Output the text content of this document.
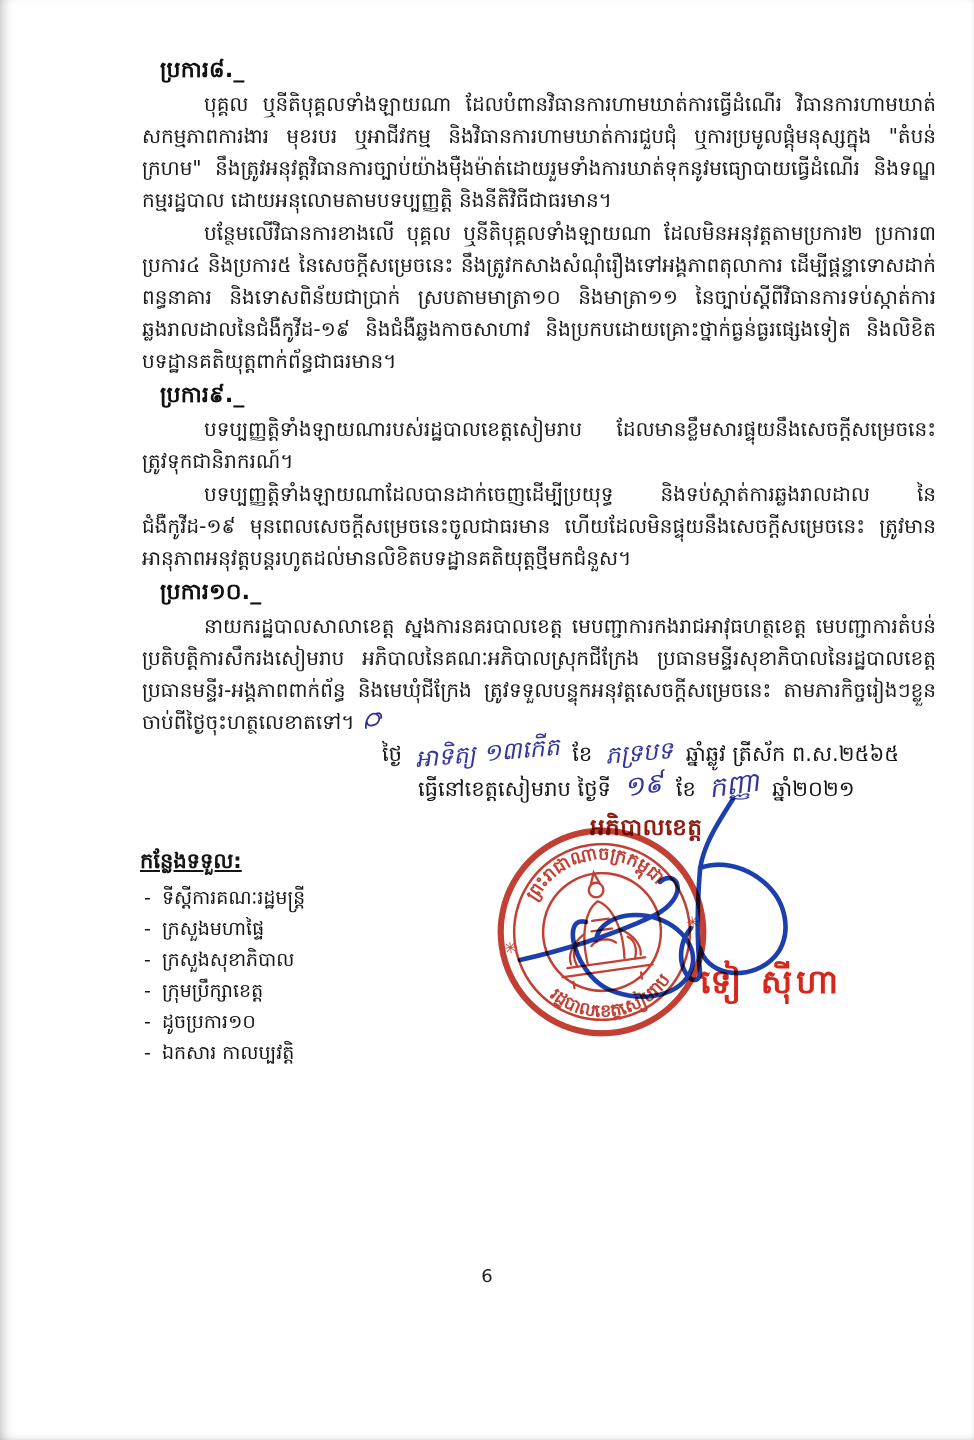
ប្រការ៨._

បុគ្គល ឬនីតិបុគ្គលទាំងឡាយណា ដែលបំពានវិធានការហាមឃាត់ការធ្វើដំណើរ វិធានការហាមឃាត់សកម្មភាពការងារ មុខរបរ ឬអាជីវកម្ម និងវិធានការហាមឃាត់ការជួបជុំ ឬការប្រមូលផ្តុំមនុស្សក្នុង "តំបន់ក្រហម" នឹងត្រូវអនុវត្តវិធានការច្បាប់យ៉ាងម៉ឺងម៉ាត់ដោយរួមទាំងការឃាត់ទុកនូវមធ្យោបាយធ្វើដំណើរ និងទណ្ឌកម្មរដ្ឋបាល ដោយអនុលោមតាមបទប្បញ្ញត្តិ និងនីតិវិធីជាធរមាន។

បន្ថែមលើវិធានការខាងលើ បុគ្គល ឬនីតិបុគ្គលទាំងឡាយណា ដែលមិនអនុវត្តតាមប្រការ២ ប្រការ៣ ប្រការ៤ និងប្រការ៥ នៃសេចក្តីសម្រេចនេះ នឹងត្រូវកសាងសំណុំរឿងទៅអង្គភាពតុលាការ ដើម្បីផ្តន្ទាទោសដាក់ពន្ធនាគារ និងទោសពិន័យជាប្រាក់ ស្របតាមមាត្រា១០ និងមាត្រា១១ នៃច្បាប់ស្តីពីវិធានការទប់ស្កាត់ការឆ្លងរាលដាលនៃជំងឺកូវីដ-១៩ និងជំងឺឆ្លងកាចសាហាវ និងប្រកបដោយគ្រោះថ្នាក់ធ្ងន់ធ្ងរផ្សេងទៀត និងលិខិតបទដ្ឋានគតិយុត្តពាក់ព័ន្ធជាធរមាន។

ប្រការ៩._

បទប្បញ្ញត្តិទាំងឡាយណារបស់រដ្ឋបាលខេត្តសៀមរាប ដែលមានខ្លឹមសារផ្ទុយនឹងសេចក្តីសម្រេចនេះ ត្រូវទុកជានិរាករណ៍។

បទប្បញ្ញត្តិទាំងឡាយណាដែលបានដាក់ចេញដើម្បីប្រយុទ្ធ និងទប់ស្កាត់ការឆ្លងរាលដាល នៃជំងឺកូវីដ-១៩ មុនពេលសេចក្តីសម្រេចនេះចូលជាធរមាន ហើយដែលមិនផ្ទុយនឹងសេចក្តីសម្រេចនេះ ត្រូវមានអានុភាពអនុវត្តបន្តរហូតដល់មានលិខិតបទដ្ឋានគតិយុត្តថ្មីមកជំនួស។

ប្រការ១០._

នាយករដ្ឋបាលសាលាខេត្ត ស្នងការនគរបាលខេត្ត មេបញ្ជាការកងរាជអាវុធហត្ថខេត្ត មេបញ្ជាការតំបន់ប្រតិបត្តិការសឹករងសៀមរាប អភិបាលនៃគណៈអភិបាលស្រុកជីក្រែង ប្រធានមន្ទីរសុខាភិបាលនៃរដ្ឋបាលខេត្ត ប្រធានមន្ទីរ-អង្គភាពពាក់ព័ន្ធ និងមេឃុំជីក្រែង ត្រូវទទួលបន្ទុកអនុវត្តសេចក្តីសម្រេចនេះ តាមភារកិច្ចរៀងៗខ្លួន ចាប់ពីថ្ងៃចុះហត្ថលេខាតទៅ។

ថ្ងៃ អាទិត្យ ១៣កើត ខែ ភទ្របទ ឆ្នាំឆ្លូវ ត្រីស័ក ព.ស.២៥៦៥
ធ្វើនៅខេត្តសៀមរាប ថ្ងៃទី ១៩ ខែ កញ្ញា ឆ្នាំ២០២១
ព្រះរាជាណាចក្រកម្ពុជា
រដ្ឋបាលខេត្តសៀមរាប
✳
✳
អភិបាលខេត្ត
ទៀ ស៊ីហា
កន្លែងទទួល:
- ទីស្តីការគណៈរដ្ឋមន្ត្រី
- ក្រសួងមហាផ្ទៃ
- ក្រសួងសុខាភិបាល
- ក្រុមប្រឹក្សាខេត្ត
- ដូចប្រការ១០
- ឯកសារ កាលប្បវត្តិ
6
